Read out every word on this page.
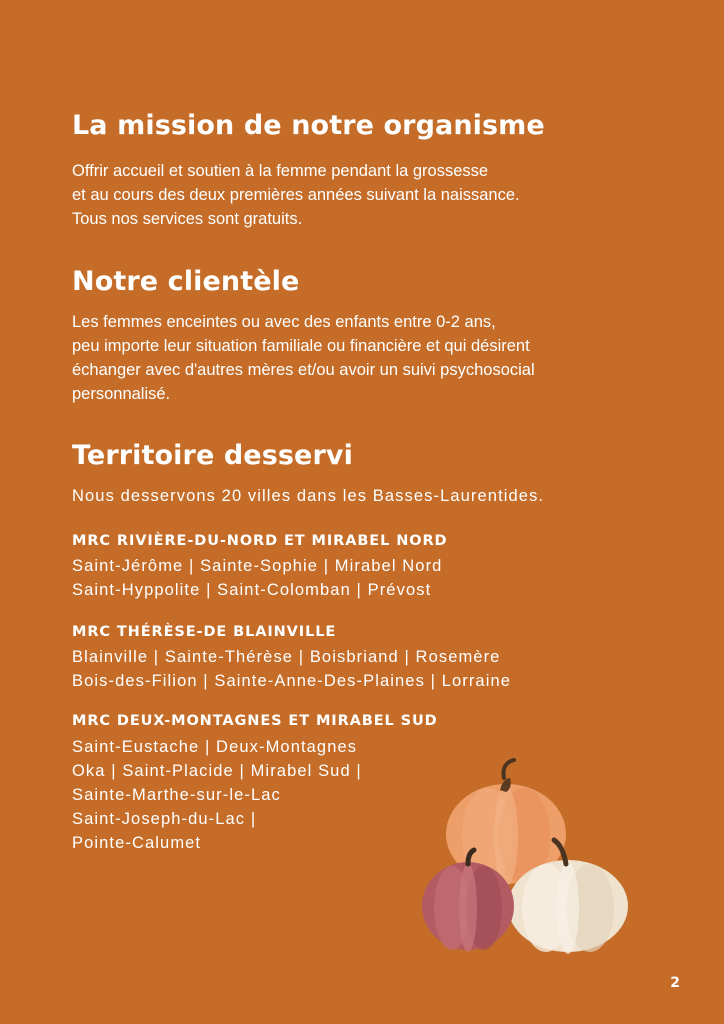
La mission de notre organisme

Offrir accueil et soutien à la femme pendant la grossesse
et au cours des deux premières années suivant la naissance.
Tous nos services sont gratuits.

Notre clientèle

Les femmes enceintes ou avec des enfants entre 0-2 ans,
peu importe leur situation familiale ou financière et qui désirent
échanger avec d'autres mères et/ou avoir un suivi psychosocial
personnalisé.

Territoire desservi

Nous desservons 20 villes dans les Basses-Laurentides.

MRC RIVIÈRE-DU-NORD ET MIRABEL NORD

Saint-Jérôme | Sainte-Sophie | Mirabel Nord
Saint-Hyppolite | Saint-Colomban | Prévost

MRC THÉRÈSE-DE BLAINVILLE

Blainville | Sainte-Thérèse | Boisbriand | Rosemère
Bois-des-Filion | Sainte-Anne-Des-Plaines | Lorraine

MRC DEUX-MONTAGNES ET MIRABEL SUD

Saint-Eustache | Deux-Montagnes
Oka | Saint-Placide | Mirabel Sud |
Sainte-Marthe-sur-le-Lac
Saint-Joseph-du-Lac |
Pointe-Calumet

2
